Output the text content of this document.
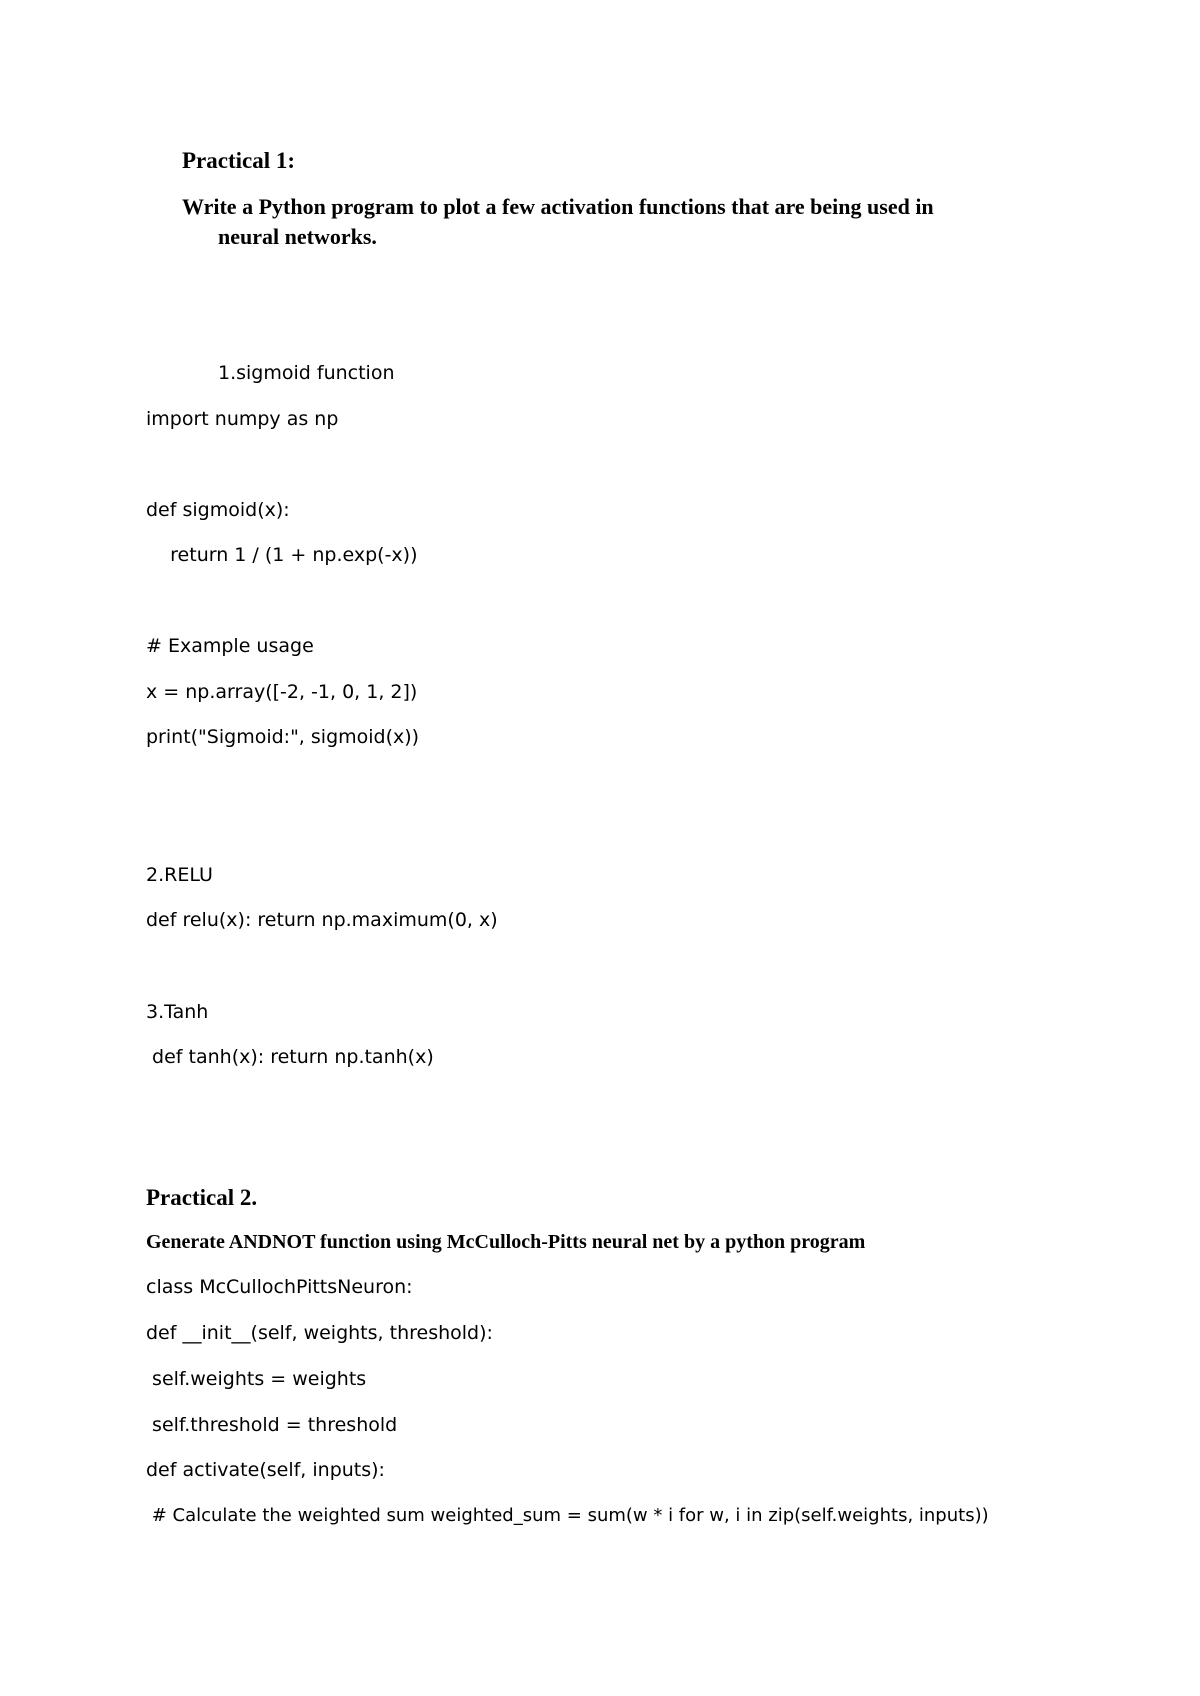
Practical 1:
Write a Python program to plot a few activation functions that are being used in
neural networks.
1.sigmoid function
import numpy as np
def sigmoid(x):
return 1 / (1 + np.exp(-x))
# Example usage
x = np.array([-2, -1, 0, 1, 2])
print("Sigmoid:", sigmoid(x))
2.RELU
def relu(x): return np.maximum(0, x)
3.Tanh
def tanh(x): return np.tanh(x)
Practical 2.
Generate ANDNOT function using McCulloch-Pitts neural net by a python program
class McCullochPittsNeuron:
def __init__(self, weights, threshold):
self.weights = weights
self.threshold = threshold
def activate(self, inputs):
# Calculate the weighted sum weighted_sum = sum(w * i for w, i in zip(self.weights, inputs))
